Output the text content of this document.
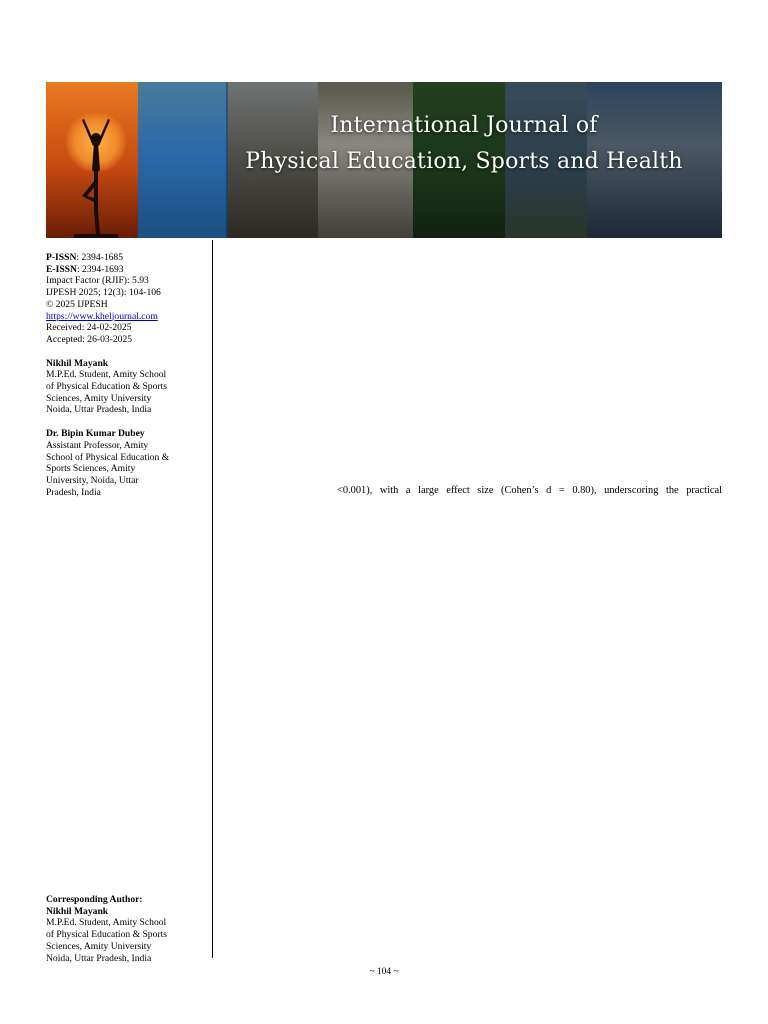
International Journal of
Physical Education, Sports and Health
P-ISSN: 2394-1685
E-ISSN: 2394-1693
Impact Factor (RJIF): 5.93
IJPESH 2025; 12(3): 104-106
© 2025 IJPESH
https://www.kheljournal.com
Received: 24-02-2025
Accepted: 26-03-2025
Nikhil Mayank
M.P.Ed. Student, Amity School
of Physical Education & Sports
Sciences, Amity University
Noida, Uttar Pradesh, India
Dr. Bipin Kumar Dubey
Assistant Professor, Amity
School of Physical Education &
Sports Sciences, Amity
University, Noida, Uttar
Pradesh, India	<0.001), with a large effect size (Cohen’s d = 0.80), underscoring the practical
Corresponding Author:
Nikhil Mayank
M.P.Ed. Student, Amity School
of Physical Education & Sports
Sciences, Amity University
Noida, Uttar Pradesh, India
~ 104 ~
